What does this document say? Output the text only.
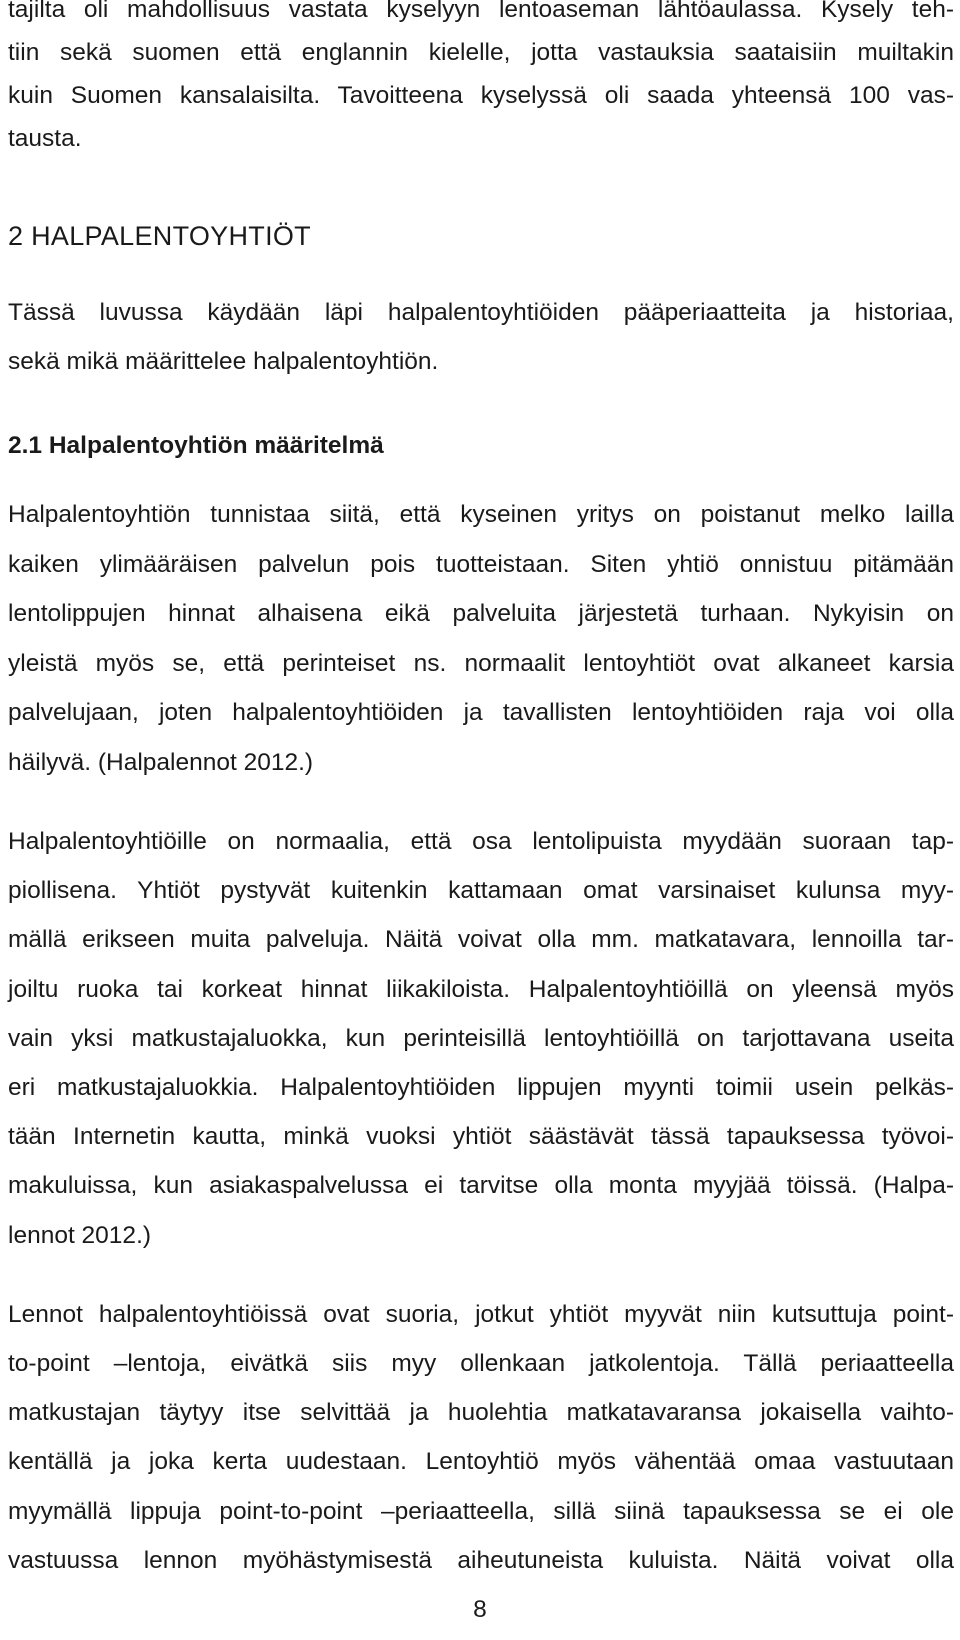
tajilta oli mahdollisuus vastata kyselyyn lentoaseman lähtöaulassa. Kysely teh-
tiin sekä suomen että englannin kielelle, jotta vastauksia saataisiin muiltakin
kuin Suomen kansalaisilta. Tavoitteena kyselyssä oli saada yhteensä 100 vas-
tausta.
2 HALPALENTOYHTIÖT
Tässä luvussa käydään läpi halpalentoyhtiöiden pääperiaatteita ja historiaa,
sekä mikä määrittelee halpalentoyhtiön.
2.1 Halpalentoyhtiön määritelmä
Halpalentoyhtiön tunnistaa siitä, että kyseinen yritys on poistanut melko lailla
kaiken ylimääräisen palvelun pois tuotteistaan. Siten yhtiö onnistuu pitämään
lentolippujen hinnat alhaisena eikä palveluita järjestetä turhaan. Nykyisin on
yleistä myös se, että perinteiset ns. normaalit lentoyhtiöt ovat alkaneet karsia
palvelujaan, joten halpalentoyhtiöiden ja tavallisten lentoyhtiöiden raja voi olla
häilyvä. (Halpalennot 2012.)
Halpalentoyhtiöille on normaalia, että osa lentolipuista myydään suoraan tap-
piollisena. Yhtiöt pystyvät kuitenkin kattamaan omat varsinaiset kulunsa myy-
mällä erikseen muita palveluja. Näitä voivat olla mm. matkatavara, lennoilla tar-
joiltu ruoka tai korkeat hinnat liikakiloista. Halpalentoyhtiöillä on yleensä myös
vain yksi matkustajaluokka, kun perinteisillä lentoyhtiöillä on tarjottavana useita
eri matkustajaluokkia. Halpalentoyhtiöiden lippujen myynti toimii usein pelkäs-
tään Internetin kautta, minkä vuoksi yhtiöt säästävät tässä tapauksessa työvoi-
makuluissa, kun asiakaspalvelussa ei tarvitse olla monta myyjää töissä. (Halpa-
lennot 2012.)
Lennot halpalentoyhtiöissä ovat suoria, jotkut yhtiöt myyvät niin kutsuttuja point-
to-point –lentoja, eivätkä siis myy ollenkaan jatkolentoja. Tällä periaatteella
matkustajan täytyy itse selvittää ja huolehtia matkatavaransa jokaisella vaihto-
kentällä ja joka kerta uudestaan. Lentoyhtiö myös vähentää omaa vastuutaan
myymällä lippuja point-to-point –periaatteella, sillä siinä tapauksessa se ei ole
vastuussa lennon myöhästymisestä aiheutuneista kuluista. Näitä voivat olla
8
